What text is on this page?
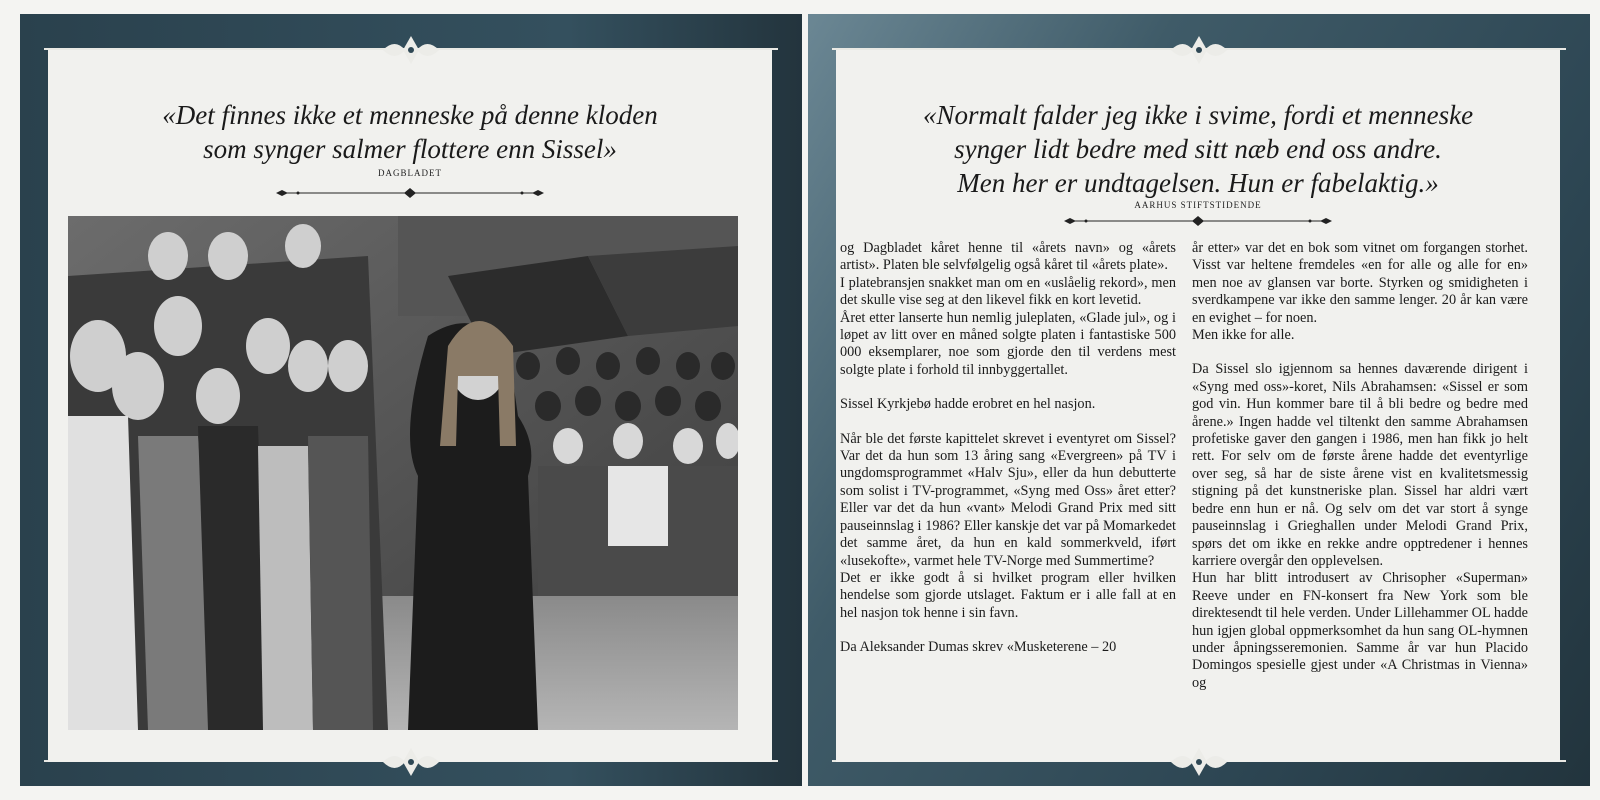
«Det finnes ikke et menneske på denne kloden
som synger salmer flottere enn Sissel»
DAGBLADET
«Normalt falder jeg ikke i svime, fordi et menneske
synger lidt bedre med sitt næb end oss andre.
Men her er undtagelsen. Hun er fabelaktig.»
AARHUS STIFTSTIDENDE

og Dagbladet kåret henne til «årets navn» og «årets artist». Platen ble selvfølgelig også kåret til «årets plate».

I platebransjen snakket man om en «uslåelig rekord», men det skulle vise seg at den likevel fikk en kort levetid.

Året etter lanserte hun nemlig juleplaten, «Glade jul», og i løpet av litt over en måned solgte platen i fantastiske 500 000 eksemplarer, noe som gjorde den til verdens mest solgte plate i forhold til innbyggertallet.

Sissel Kyrkjebø hadde erobret en hel nasjon.

Når ble det første kapittelet skrevet i eventyret om Sissel? Var det da hun som 13 åring sang «Evergreen» på TV i ungdomsprogrammet «Halv Sju», eller da hun debutterte som solist i TV-programmet, «Syng med Oss» året etter? Eller var det da hun «vant» Melodi Grand Prix med sitt pauseinnslag i 1986? Eller kanskje det var på Momarkedet det samme året, da hun en kald sommerkveld, iført «lusekofte», varmet hele TV-Norge med Summertime?

Det er ikke godt å si hvilket program eller hvilken hendelse som gjorde utslaget. Faktum er i alle fall at en hel nasjon tok henne i sin favn.

Da Aleksander Dumas skrev «Musketerene – 20

år etter» var det en bok som vitnet om forgangen storhet. Visst var heltene fremdeles «en for alle og alle for en» men noe av glansen var borte. Styrken og smidigheten i sverdkampene var ikke den samme lenger. 20 år kan være en evighet – for noen.

Men ikke for alle.

Da Sissel slo igjennom sa hennes daværende dirigent i «Syng med oss»-koret, Nils Abrahamsen: «Sissel er som god vin. Hun kommer bare til å bli bedre og bedre med årene.» Ingen hadde vel tiltenkt den samme Abrahamsen profetiske gaver den gangen i 1986, men han fikk jo helt rett. For selv om de første årene hadde det eventyrlige over seg, så har de siste årene vist en kvalitetsmessig stigning på det kunstneriske plan. Sissel har aldri vært bedre enn hun er nå. Og selv om det var stort å synge pauseinnslag i Grieghallen under Melodi Grand Prix, spørs det om ikke en rekke andre opptredener i hennes karriere overgår den opplevelsen.

Hun har blitt introdusert av Chrisopher «Superman» Reeve under en FN-konsert fra New York som ble direktesendt til hele verden. Under Lillehammer OL hadde hun igjen global oppmerksomhet da hun sang OL-hymnen under åpningsseremonien. Samme år var hun Placido Domingos spesielle gjest under «A Christmas in Vienna» og
